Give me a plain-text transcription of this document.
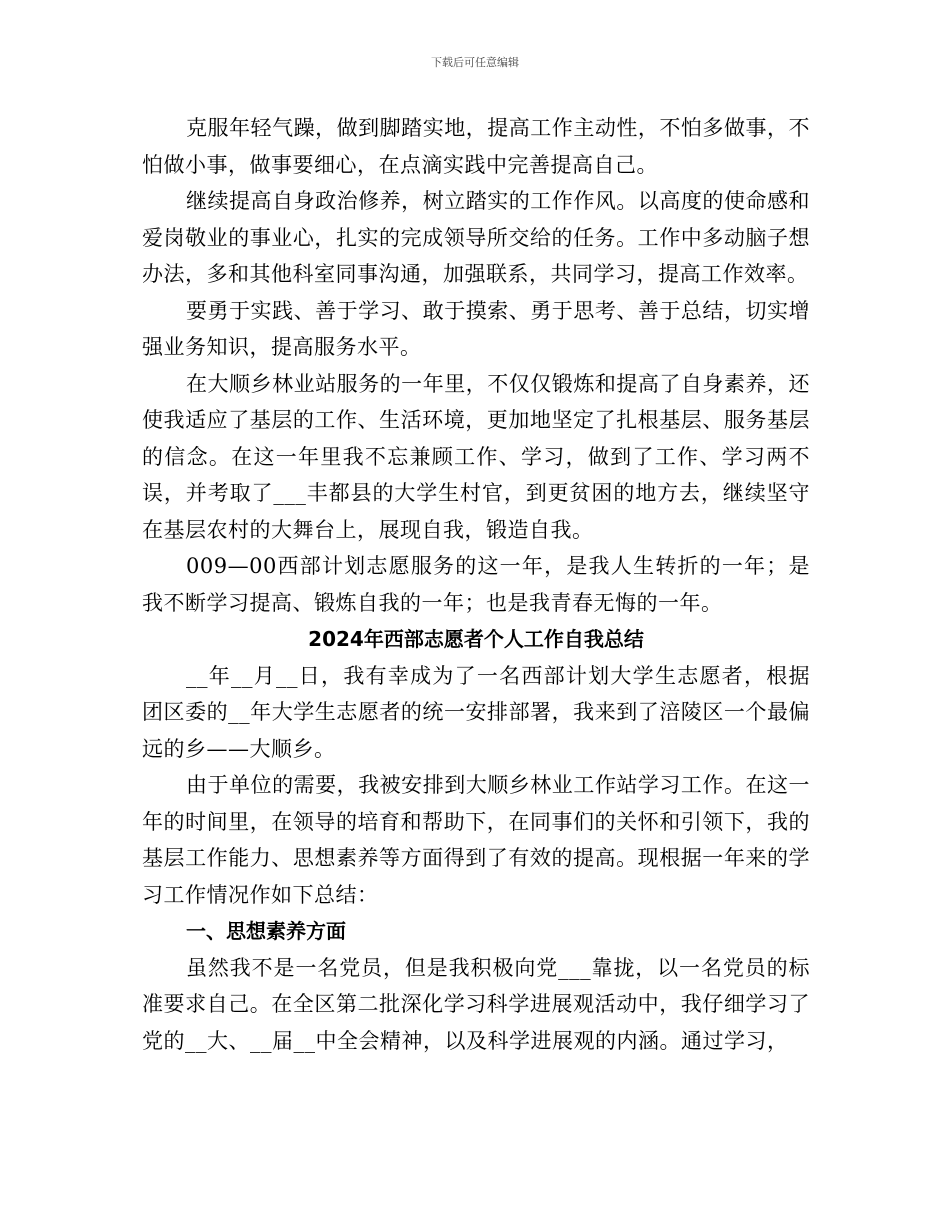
下载后可任意编辑

克服年轻气躁，做到脚踏实地，提高工作主动性，不怕多做事，不怕做小事，做事要细心，在点滴实践中完善提高自己。

继续提高自身政治修养，树立踏实的工作作风。以高度的使命感和爱岗敬业的事业心，扎实的完成领导所交给的任务。工作中多动脑子想办法，多和其他科室同事沟通，加强联系，共同学习，提高工作效率。

要勇于实践、善于学习、敢于摸索、勇于思考、善于总结，切实增强业务知识，提高服务水平。

在大顺乡林业站服务的一年里，不仅仅锻炼和提高了自身素养，还使我适应了基层的工作、生活环境，更加地坚定了扎根基层、服务基层的信念。在这一年里我不忘兼顾工作、学习，做到了工作、学习两不误，并考取了___丰都县的大学生村官，到更贫困的地方去，继续坚守在基层农村的大舞台上，展现自我，锻造自我。

009—00西部计划志愿服务的这一年，是我人生转折的一年；是我不断学习提高、锻炼自我的一年；也是我青春无悔的一年。

2024年西部志愿者个人工作自我总结

__年__月__日，我有幸成为了一名西部计划大学生志愿者，根据团区委的__年大学生志愿者的统一安排部署，我来到了涪陵区一个最偏远的乡——大顺乡。

由于单位的需要，我被安排到大顺乡林业工作站学习工作。在这一年的时间里，在领导的培育和帮助下，在同事们的关怀和引领下，我的基层工作能力、思想素养等方面得到了有效的提高。现根据一年来的学习工作情况作如下总结：

一、思想素养方面

虽然我不是一名党员，但是我积极向党___靠拢，以一名党员的标准要求自己。在全区第二批深化学习科学进展观活动中，我仔细学习了党的__大、__届__中全会精神，以及科学进展观的内涵。通过学习，
